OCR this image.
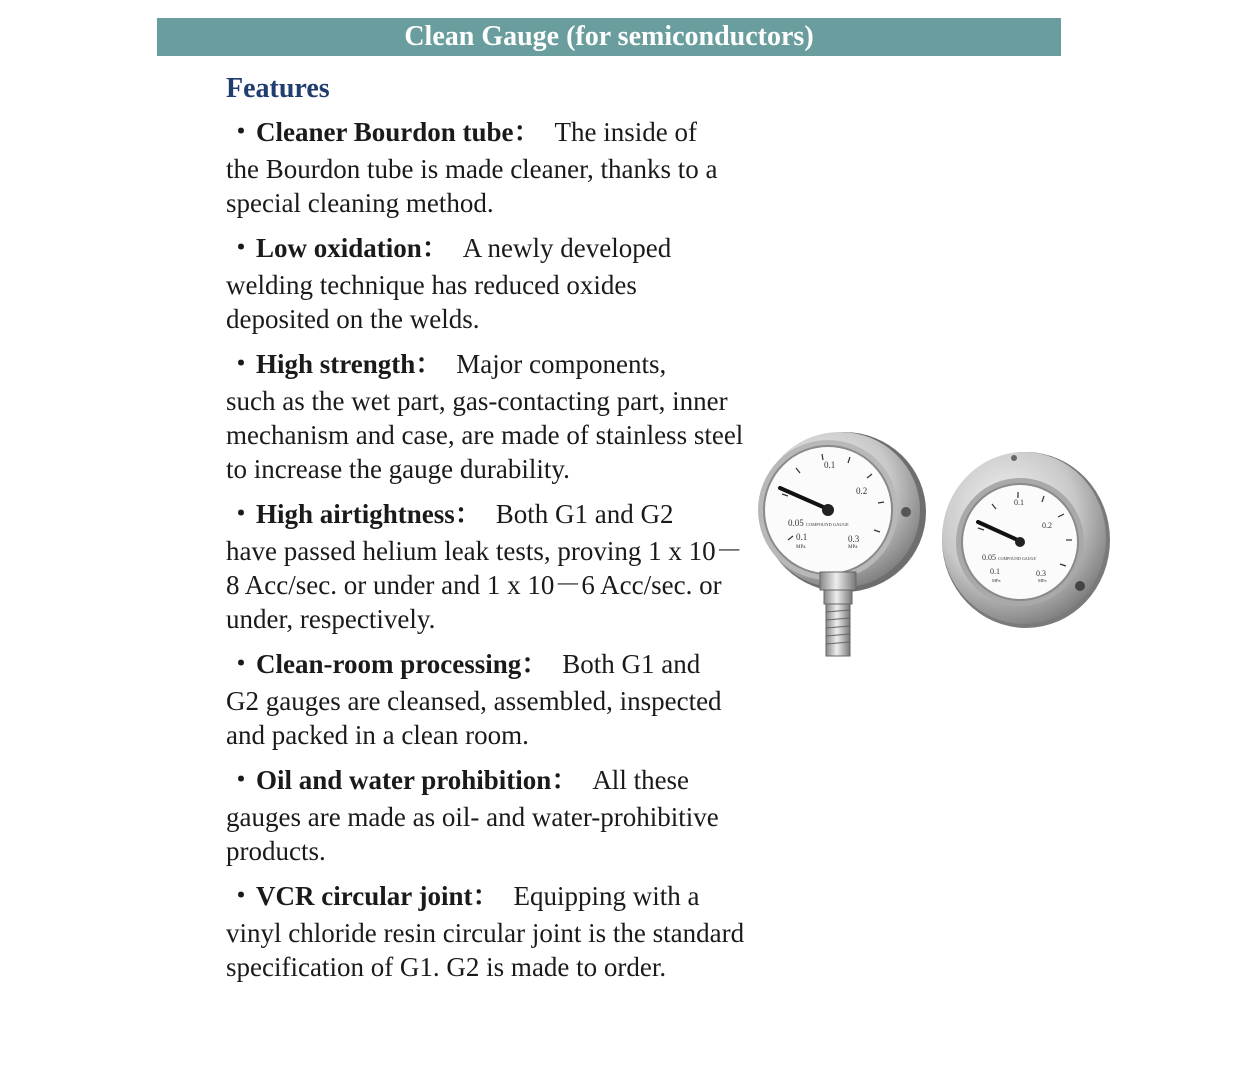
Clean Gauge (for semiconductors)
Features
・Cleaner Bourdon tube： The inside of
the Bourdon tube is made cleaner, thanks to a special cleaning method.
・Low oxidation： A newly developed
welding technique has reduced oxides deposited on the welds.
・High strength： Major components,
such as the wet part, gas-contacting part, inner mechanism and case, are made of stainless steel to increase the gauge durability.
・High airtightness： Both G1 and G2
have passed helium leak tests, proving 1 x 10－8 Acc/sec. or under and 1 x 10－6 Acc/sec. or under, respectively.
・Clean-room processing： Both G1 and
G2 gauges are cleansed, assembled, inspected and packed in a clean room.
・Oil and water prohibition： All these
gauges are made as oil- and water-prohibitive products.
・VCR circular joint： Equipping with a
vinyl chloride resin circular joint is the standard specification of G1. G2 is made to order.
0.1
0.2
0.3
0.05
0.1
COMPOUND GAUGE
MPa	MPa
0.1
0.2
0.3
0.05
0.1
COMPOUND GAUGE
MPa	MPa
